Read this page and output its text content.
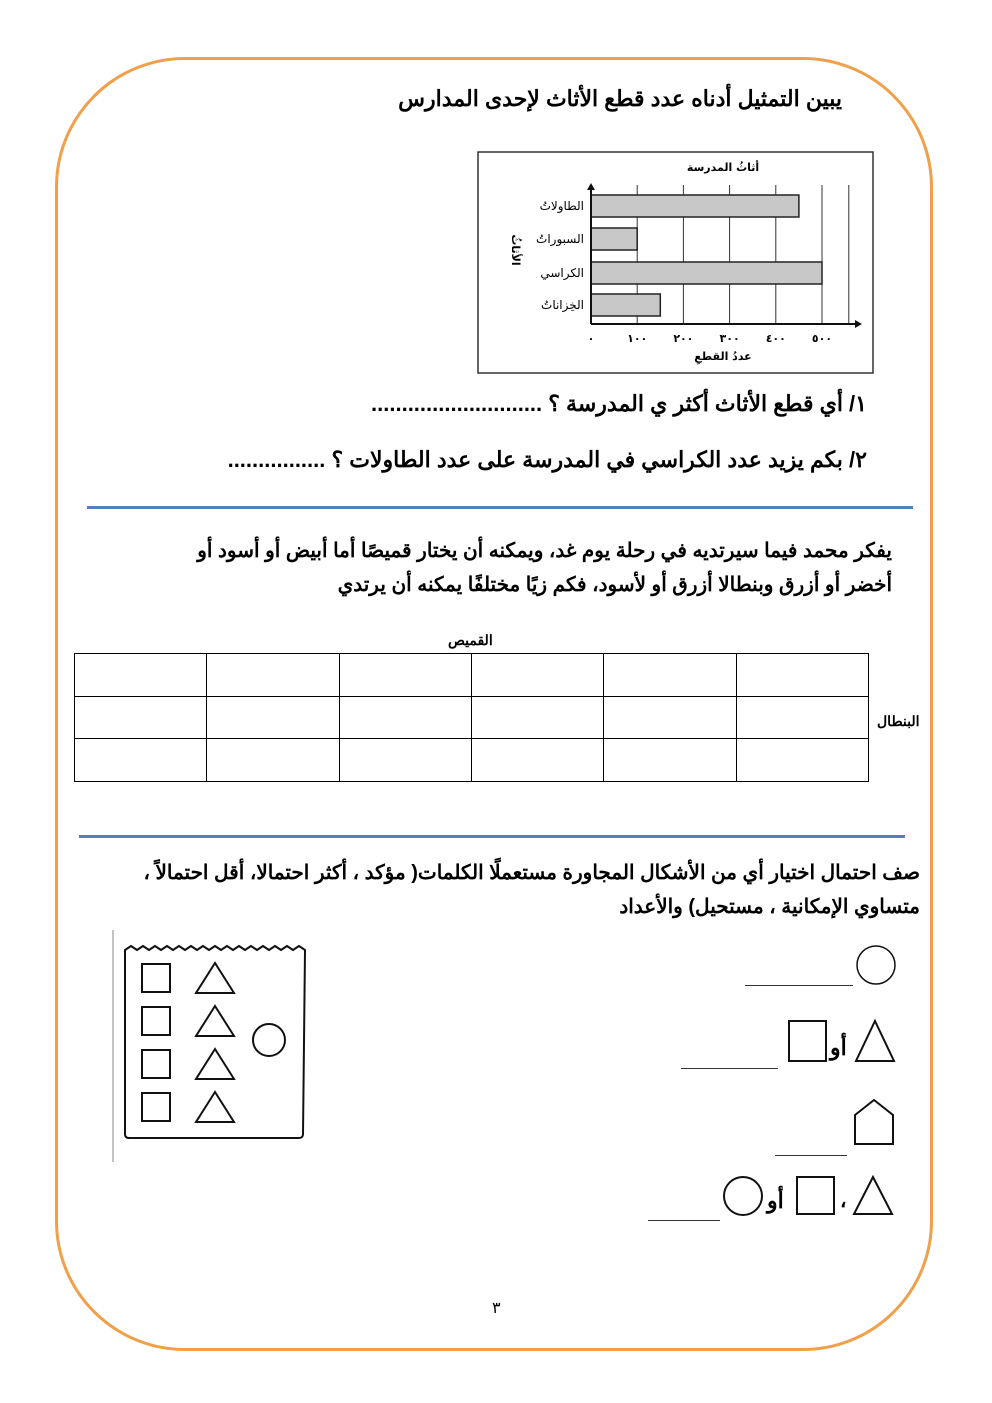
يبين التمثيل أدناه عدد قطع الأثاث لإحدى المدارس
أثاثُ المدرسة
٠	١٠٠ ٢٠٠ ٣٠٠ ٤٠٠ ٥٠٠
الطاولاتُ
السبوراتُ
الكراسي
الخِزاناتُ
عددُ القطعِ
الأثاثُ
١/ أي قطع الأثاث أكثر ي المدرسة ؟ ............................
٢/ بكم يزيد عدد الكراسي في المدرسة على عدد الطاولات ؟ ................
يفكر محمد فيما سيرتديه في رحلة يوم غد، ويمكنه أن يختار قميصًا أما أبيض أو أسود أو
أخضر أو أزرق وبنطالا أزرق أو لأسود، فكم زيًا مختلفًا يمكنه أن يرتدي
القميص
البنطال

صف احتمال اختيار أي من الأشكال المجاورة مستعملًا الكلمات( مؤكد ، أكثر احتمالا، أقل احتمالاً ،
متساوي الإمكانية ، مستحيل) والأعداد
أو
،
أو
٣
